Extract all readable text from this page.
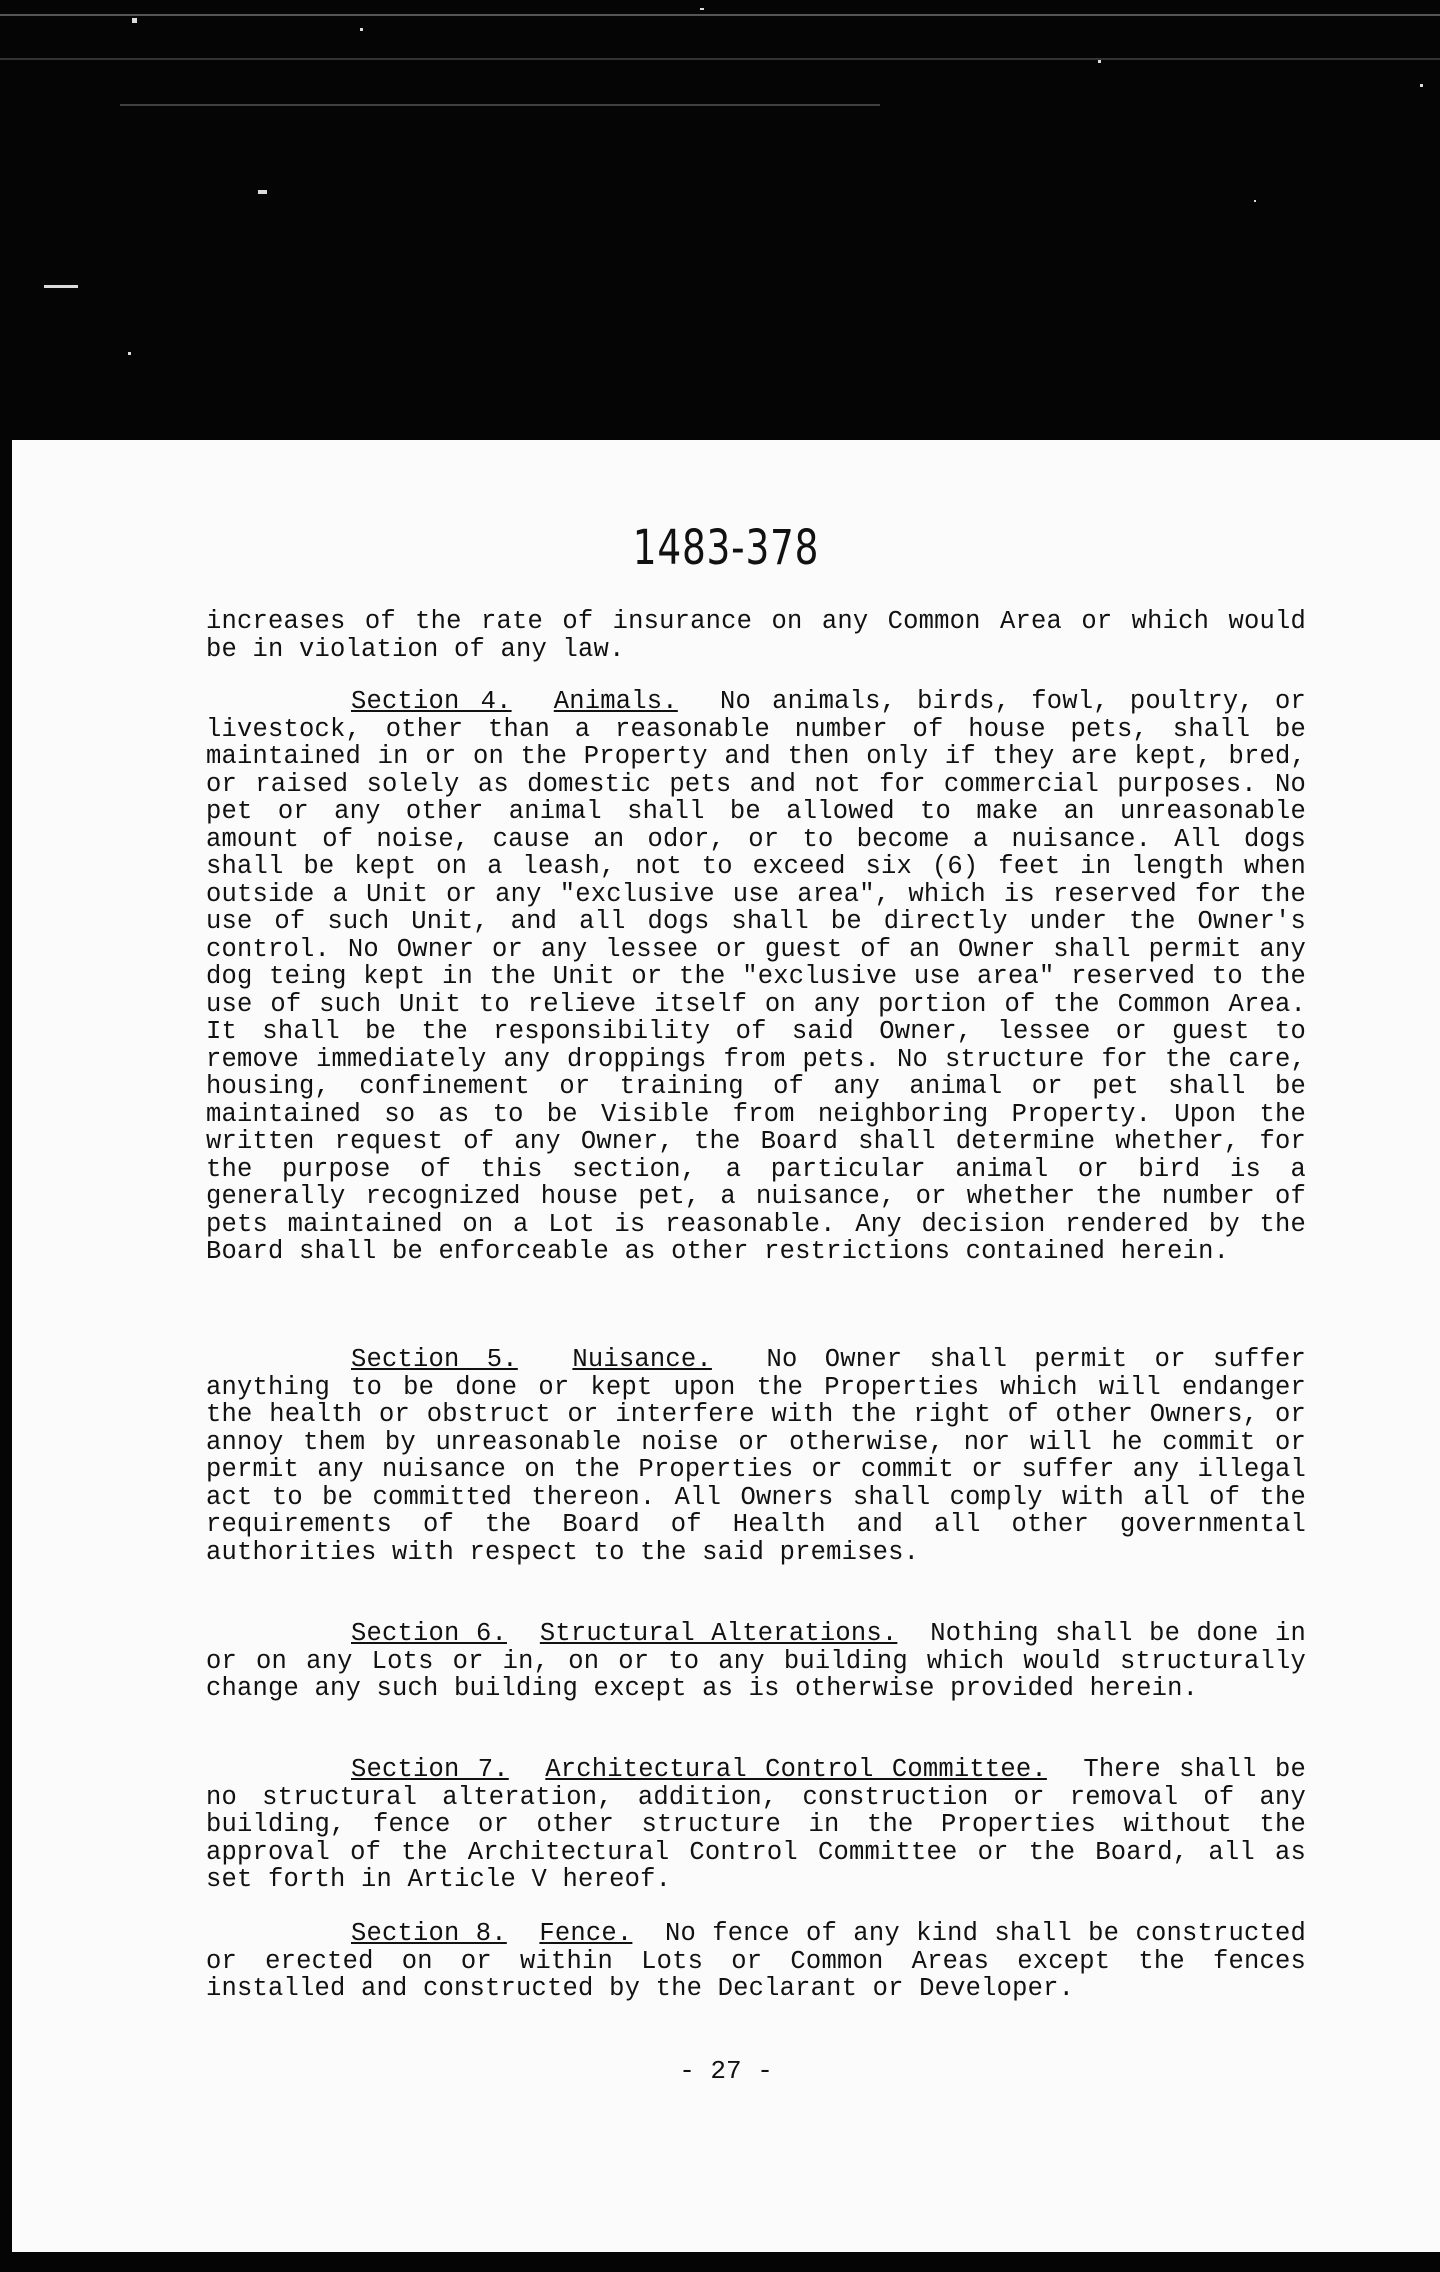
1483-378
increases of the rate of insurance on any Common Area or which would be in violation of any law.
Section 4. Animals. No animals, birds, fowl, poultry, or livestock, other than a reasonable number of house pets, shall be maintained in or on the Property and then only if they are kept, bred, or raised solely as domestic pets and not for commercial purposes. No pet or any other animal shall be allowed to make an unreasonable amount of noise, cause an odor, or to become a nuisance. All dogs shall be kept on a leash, not to exceed six (6) feet in length when outside a Unit or any "exclusive use area", which is reserved for the use of such Unit, and all dogs shall be directly under the Owner's control. No Owner or any lessee or guest of an Owner shall permit any dog teing kept in the Unit or the "exclusive use area" reserved to the use of such Unit to relieve itself on any portion of the Common Area. It shall be the responsibility of said Owner, lessee or guest to remove immediately any droppings from pets. No structure for the care, housing, confinement or training of any animal or pet shall be maintained so as to be Visible from neighboring Property. Upon the written request of any Owner, the Board shall determine whether, for the purpose of this section, a particular animal or bird is a generally recognized house pet, a nuisance, or whether the number of pets maintained on a Lot is reasonable. Any decision rendered by the Board shall be enforceable as other restrictions contained herein.
Section 5. Nuisance. No Owner shall permit or suffer anything to be done or kept upon the Properties which will endanger the health or obstruct or interfere with the right of other Owners, or annoy them by unreasonable noise or otherwise, nor will he commit or permit any nuisance on the Properties or commit or suffer any illegal act to be committed thereon. All Owners shall comply with all of the requirements of the Board of Health and all other governmental authorities with respect to the said premises.
Section 6. Structural Alterations. Nothing shall be done in or on any Lots or in, on or to any building which would structurally change any such building except as is otherwise provided herein.
Section 7. Architectural Control Committee. There shall be no structural alteration, addition, construction or removal of any building, fence or other structure in the Properties without the approval of the Architectural Control Committee or the Board, all as set forth in Article V hereof.
Section 8. Fence. No fence of any kind shall be constructed or erected on or within Lots or Common Areas except the fences installed and constructed by the Declarant or Developer.
- 27 -
